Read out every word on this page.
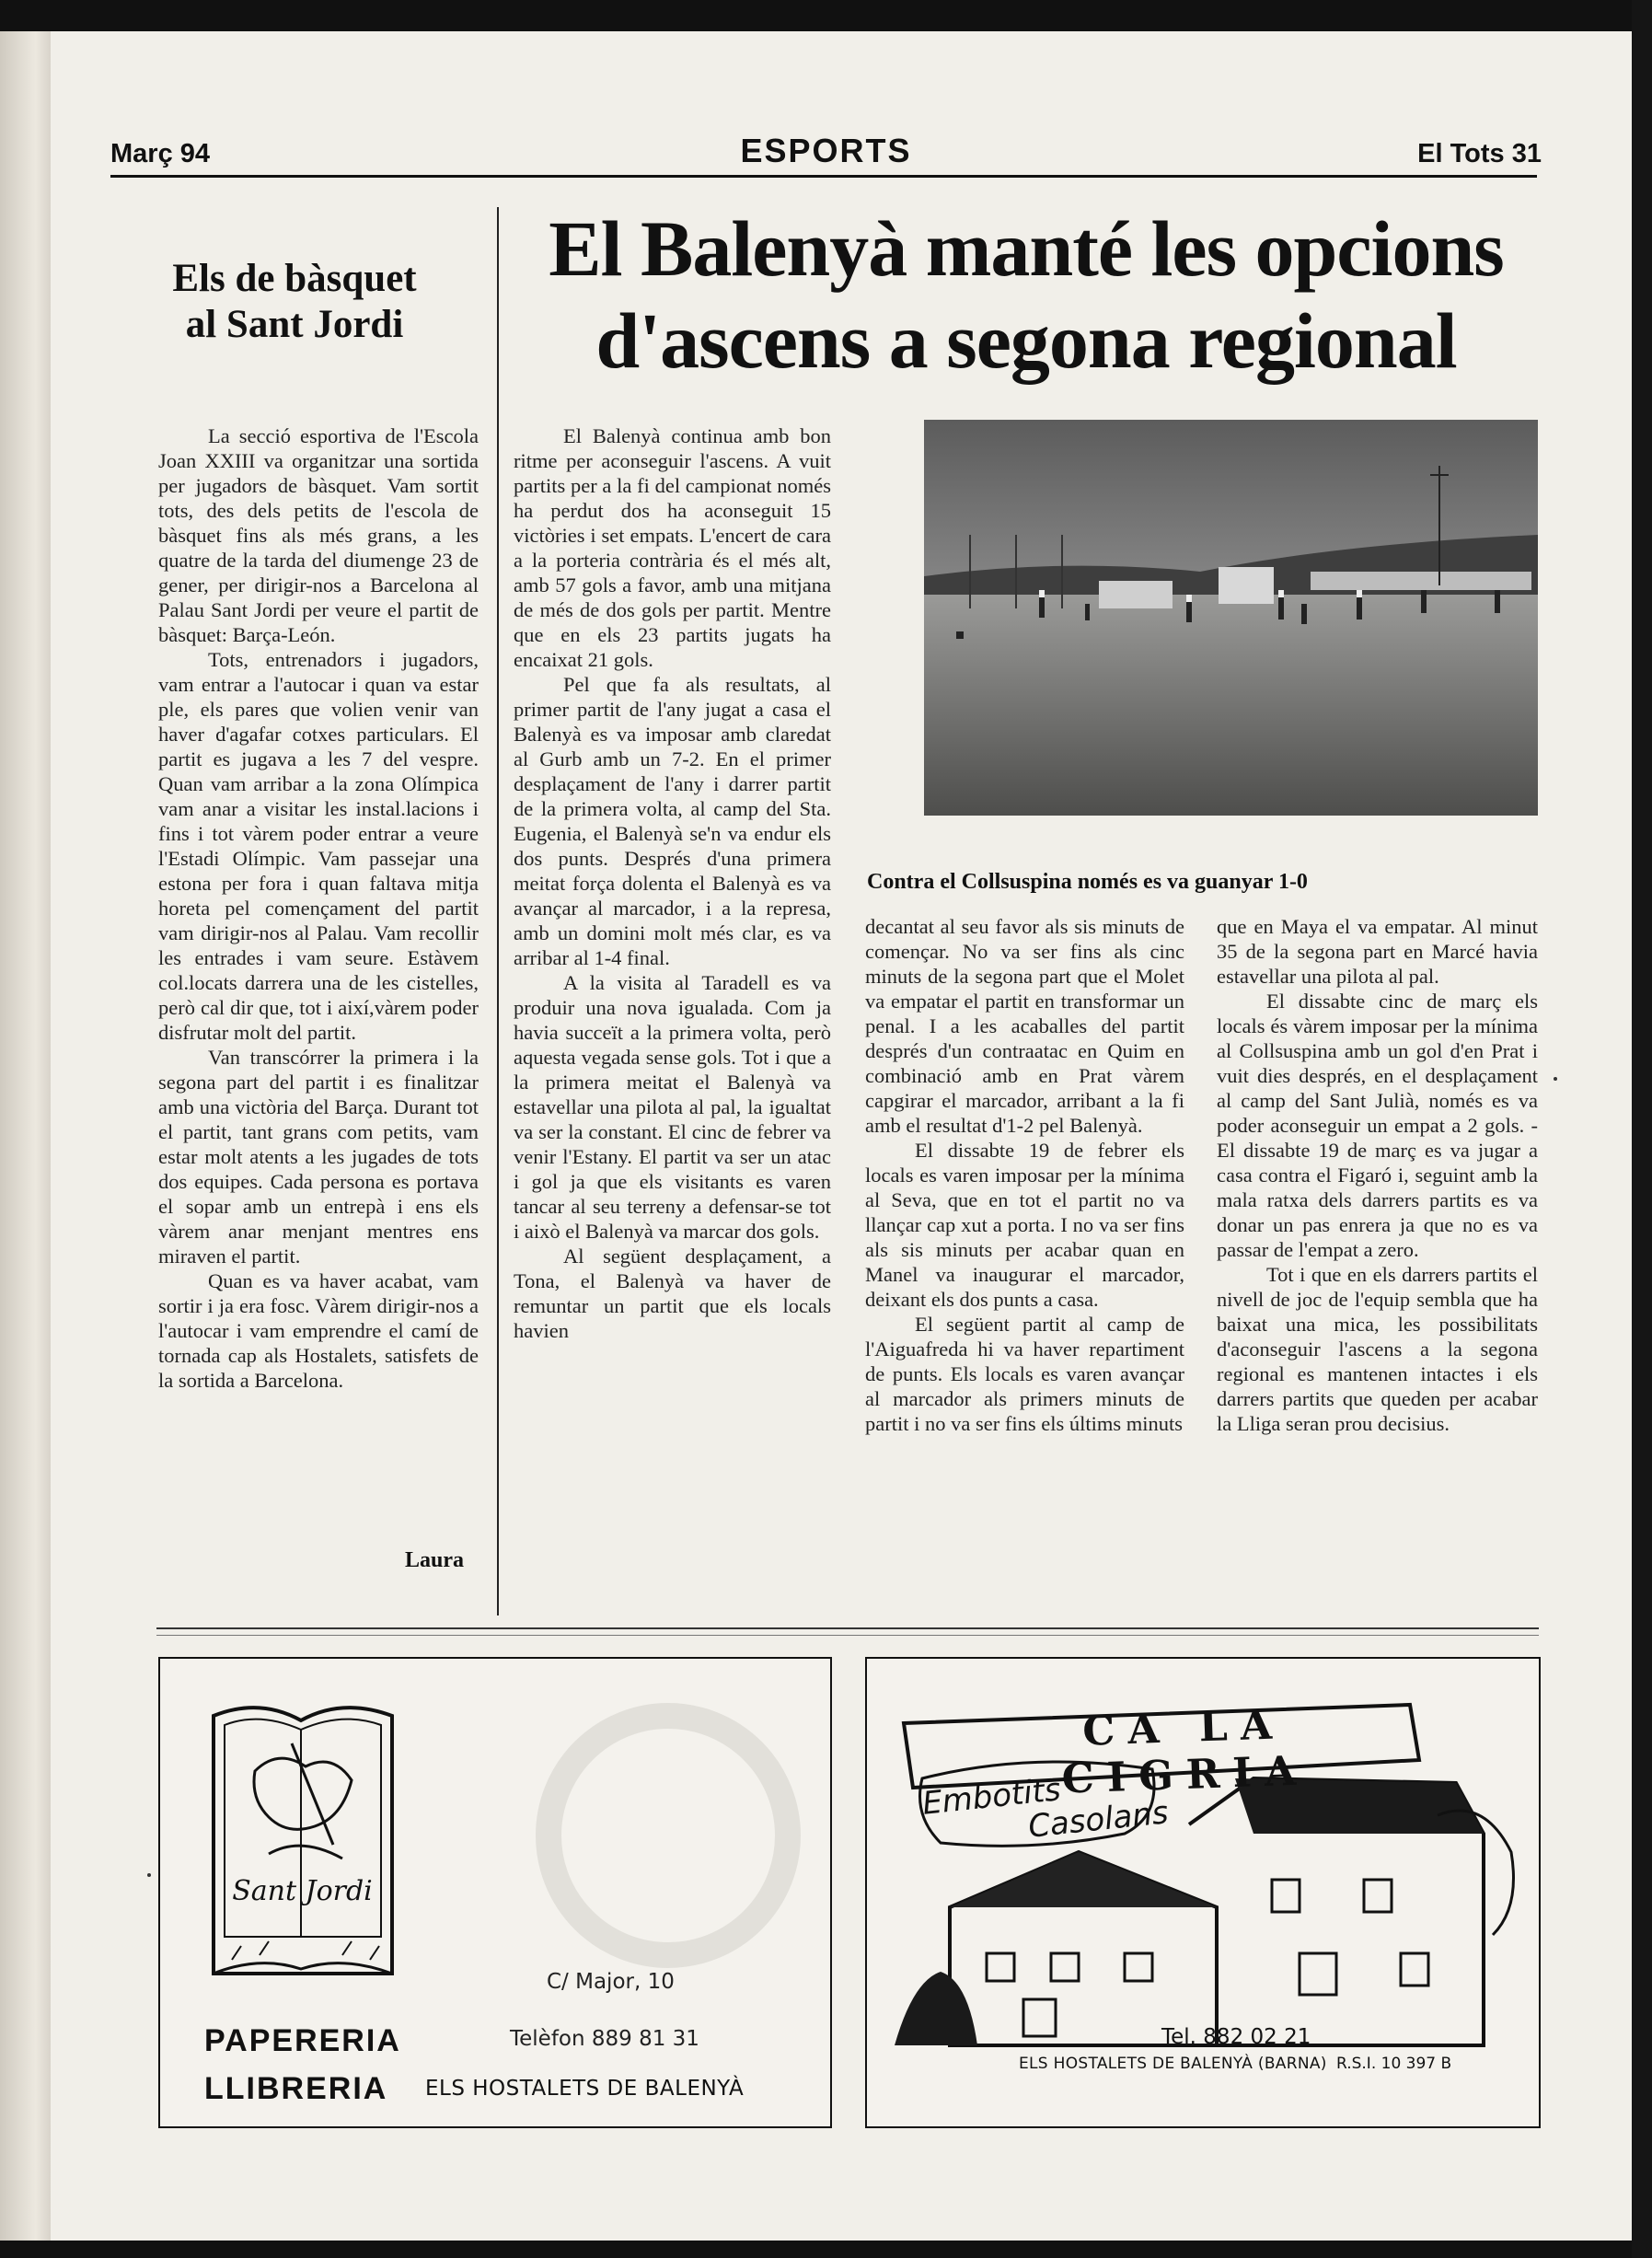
Març 94	ESPORTS	El Tots 31
Els de bàsquet
al Sant Jordi

La secció esportiva de l'Escola Joan XXIII va organitzar una sortida per jugadors de bàsquet. Vam sortit tots, des dels petits de l'escola de bàsquet fins als més grans, a les quatre de la tarda del diumenge 23 de gener, per dirigir-nos a Barcelona al Palau Sant Jordi per veure el partit de bàsquet: Barça-León.

Tots, entrenadors i jugadors, vam entrar a l'autocar i quan va estar ple, els pares que volien venir van haver d'agafar cotxes particulars. El partit es jugava a les 7 del vespre. Quan vam arribar a la zona Olímpica vam anar a visitar les instal.lacions i fins i tot vàrem poder entrar a veure l'Estadi Olímpic. Vam passejar una estona per fora i quan faltava mitja horeta pel començament del partit vam dirigir-nos al Palau. Vam recollir les entrades i vam seure. Estàvem col.locats darrera una de les cistelles, però cal dir que, tot i així,vàrem poder disfrutar molt del partit.

Van transcórrer la primera i la segona part del partit i es finalitzar amb una victòria del Barça. Durant tot el partit, tant grans com petits, vam estar molt atents a les jugades de tots dos equipes. Cada persona es portava el sopar amb un entrepà i ens els vàrem anar menjant mentres ens miraven el partit.

Quan es va haver acabat, vam sortir i ja era fosc. Vàrem dirigir-nos a l'autocar i vam emprendre el camí de tornada cap als Hostalets, satisfets de la sortida a Barcelona.

Laura
El Balenyà manté les opcions
d'ascens a segona regional

El Balenyà continua amb bon ritme per aconseguir l'ascens. A vuit partits per a la fi del campionat només ha perdut dos ha aconseguit 15 victòries i set empats. L'encert de cara a la porteria contrària és el més alt, amb 57 gols a favor, amb una mitjana de més de dos gols per partit. Mentre que en els 23 partits jugats ha encaixat 21 gols.

Pel que fa als resultats, al primer partit de l'any jugat a casa el Balenyà es va imposar amb claredat al Gurb amb un 7-2. En el primer desplaçament de l'any i darrer partit de la primera volta, al camp del Sta. Eugenia, el Balenyà se'n va endur els dos punts. Després d'una primera meitat força dolenta el Balenyà es va avançar al marcador, i a la represa, amb un domini molt més clar, es va arribar al 1-4 final.

A la visita al Taradell es va produir una nova igualada. Com ja havia succeït a la primera volta, però aquesta vegada sense gols. Tot i que a la primera meitat el Balenyà va estavellar una pilota al pal, la igualtat va ser la constant. El cinc de febrer va venir l'Estany. El partit va ser un atac i gol ja que els visitants es varen tancar al seu terreny a defensar-se tot i això el Balenyà va marcar dos gols.

Al següent desplaçament, a Tona, el Balenyà va haver de remuntar un partit que els locals havien

Contra el Collsuspina només es va guanyar 1-0

decantat al seu favor als sis minuts de començar. No va ser fins als cinc minuts de la segona part que el Molet va empatar el partit en transformar un penal. I a les acaballes del partit després d'un contraatac en Quim en combinació amb en Prat vàrem capgirar el marcador, arribant a la fi amb el resultat d'1-2 pel Balenyà.

El dissabte 19 de febrer els locals es varen imposar per la mínima al Seva, que en tot el partit no va llançar cap xut a porta. I no va ser fins als sis minuts per acabar quan en Manel va inaugurar el marcador, deixant els dos punts a casa.

El següent partit al camp de l'Aiguafreda hi va haver repartiment de punts. Els locals es varen avançar al marcador als primers minuts de partit i no va ser fins els últims minuts

que en Maya el va empatar. Al minut 35 de la segona part en Marcé havia estavellar una pilota al pal.

El dissabte cinc de març els locals és vàrem imposar per la mínima al Collsuspina amb un gol d'en Prat i vuit dies després, en el desplaçament al camp del Sant Julià, només es va poder aconseguir un empat a 2 gols. -El dissabte 19 de març es va jugar a casa contra el Figaró i, seguint amb la mala ratxa dels darrers partits es va donar un pas enrera ja que no es va passar de l'empat a zero.

Tot i que en els darrers partits el nivell de joc de l'equip sembla que ha baixat una mica, les possibilitats d'aconseguir l'ascens a la segona regional es mantenen intactes i els darrers partits que queden per acabar la Lliga seran prou decisius.

Sant Jordi
C/ Major, 10
PAPERERIA	Telèfon 889 81 31
LLIBRERIA ELS HOSTALETS DE BALENYÀ
CA LA CIGRIA
Embotits
Casolans
Tel. 882 02 21
ELS HOSTALETS DE BALENYÀ (BARNA) R.S.I. 10 397 B
